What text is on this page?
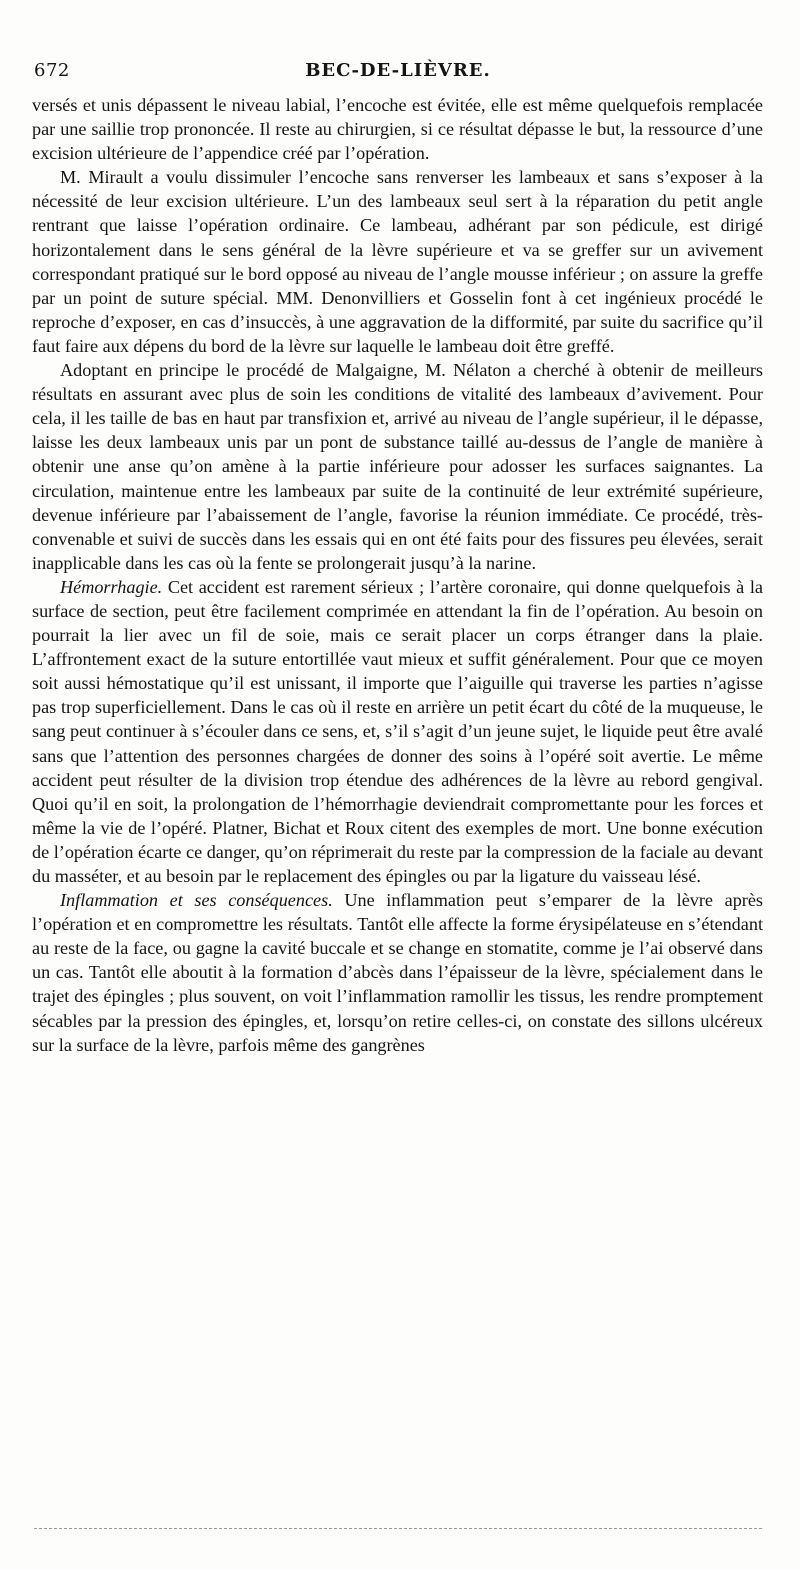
672	BEC-DE-LIÈVRE.

versés et unis dépassent le niveau labial, l’encoche est évitée, elle est même quelquefois remplacée par une saillie trop prononcée. Il reste au chirurgien, si ce résultat dépasse le but, la ressource d’une excision ultérieure de l’appendice créé par l’opération.

M. Mirault a voulu dissimuler l’encoche sans renverser les lambeaux et sans s’exposer à la nécessité de leur excision ultérieure. L’un des lambeaux seul sert à la réparation du petit angle rentrant que laisse l’opération ordinaire. Ce lambeau, adhérant par son pédicule, est dirigé horizontalement dans le sens général de la lèvre supérieure et va se greffer sur un avivement correspondant pratiqué sur le bord opposé au niveau de l’angle mousse inférieur ; on assure la greffe par un point de suture spécial. MM. Denonvilliers et Gosselin font à cet ingénieux procédé le reproche d’exposer, en cas d’insuccès, à une aggravation de la difformité, par suite du sacrifice qu’il faut faire aux dépens du bord de la lèvre sur laquelle le lambeau doit être greffé.

Adoptant en principe le procédé de Malgaigne, M. Nélaton a cherché à obtenir de meilleurs résultats en assurant avec plus de soin les conditions de vitalité des lambeaux d’avivement. Pour cela, il les taille de bas en haut par transfixion et, arrivé au niveau de l’angle supérieur, il le dépasse, laisse les deux lambeaux unis par un pont de substance taillé au-dessus de l’angle de manière à obtenir une anse qu’on amène à la partie inférieure pour adosser les surfaces saignantes. La circulation, maintenue entre les lambeaux par suite de la continuité de leur extrémité supérieure, devenue inférieure par l’abaissement de l’angle, favorise la réunion immédiate. Ce procédé, très-convenable et suivi de succès dans les essais qui en ont été faits pour des fissures peu élevées, serait inapplicable dans les cas où la fente se prolongerait jusqu’à la narine.

Hémorrhagie. Cet accident est rarement sérieux ; l’artère coronaire, qui donne quelquefois à la surface de section, peut être facilement comprimée en attendant la fin de l’opération. Au besoin on pourrait la lier avec un fil de soie, mais ce serait placer un corps étranger dans la plaie. L’affrontement exact de la suture entortillée vaut mieux et suffit généralement. Pour que ce moyen soit aussi hémostatique qu’il est unissant, il importe que l’aiguille qui traverse les parties n’agisse pas trop superficiellement. Dans le cas où il reste en arrière un petit écart du côté de la muqueuse, le sang peut continuer à s’écouler dans ce sens, et, s’il s’agit d’un jeune sujet, le liquide peut être avalé sans que l’attention des personnes chargées de donner des soins à l’opéré soit avertie. Le même accident peut résulter de la division trop étendue des adhérences de la lèvre au rebord gengival. Quoi qu’il en soit, la prolongation de l’hémorrhagie deviendrait compromettante pour les forces et même la vie de l’opéré. Platner, Bichat et Roux citent des exemples de mort. Une bonne exécution de l’opération écarte ce danger, qu’on réprimerait du reste par la compression de la faciale au devant du masséter, et au besoin par le replacement des épingles ou par la ligature du vaisseau lésé.

Inflammation et ses conséquences. Une inflammation peut s’emparer de la lèvre après l’opération et en compromettre les résultats. Tantôt elle affecte la forme érysipélateuse en s’étendant au reste de la face, ou gagne la cavité buccale et se change en stomatite, comme je l’ai observé dans un cas. Tantôt elle aboutit à la formation d’abcès dans l’épaisseur de la lèvre, spécialement dans le trajet des épingles ; plus souvent, on voit l’inflammation ramollir les tissus, les rendre promptement sécables par la pression des épingles, et, lorsqu’on retire celles-ci, on constate des sillons ulcéreux sur la surface de la lèvre, parfois même des gangrènes
